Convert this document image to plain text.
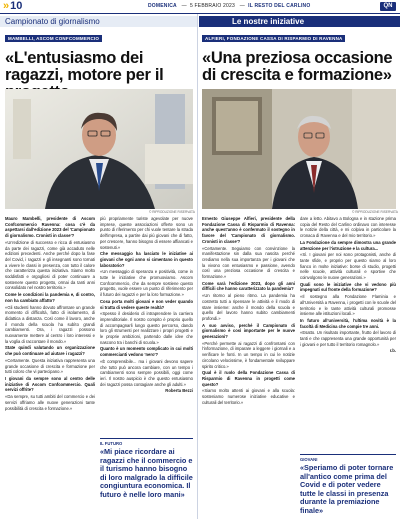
»10	DOMENICA   —  5 FEBBRAIO 2023   —  IL RESTO DEL CARLINO	QN
Campionato di giornalismo	Le nostre iniziative
MAMBELLI, ASCOM CONFCOMMERCIO
«L'entusiasmo dei ragazzi, motore per il
© RIPRODUZIONE RISERVATA

Mauro Mambelli, presidente di Ascom Confcommercio Ravenna: cosa c'è da aspettarsi dall'edizione 2023 del 'Campionato di giornalismo. Cronisti in classe'?

«Un'edizione di successo e ricca di entusiasmo da parte dei ragazzi, come già accaduto nelle edizioni precedenti. Anche perché dopo la fase del Covid, i ragazzi e gli insegnanti sono tornati a vivere le classi in presenza, con tutto il calore che caratterizza questa iniziativa. Siamo molto soddisfatti e orgogliosi di poter continuare a sostenere questo progetto, ormai da tanti anni consolidato nel nostro territorio.»

Come le condizioni la pandemia e, di contro, non ha cambiato affatto?

«Gli studenti hanno dovuto affrontare un grande momento di difficoltà, fatto di isolamento, di didattica a distanza. Così come il lavoro, anche il mondo della scuola ha subìto grandi cambiamenti. Ora, i ragazzi possono nuovamente mettere al centro i loro interessi e la voglia di raccontare il mondo.»

State quindi valutando un organizzazione che può continuare ad aiutare i ragazzi?

«Certamente. Questa iniziativa rappresenta una grande occasione di crescita e formazione per tutti coloro che vi partecipano.»

I giovani da sempre sono al centro delle iniziative di Ascom Confcommercio. Quali servizi offrite?

«Da sempre, su tutti ambiti del commercio e dei servizi offriamo alle nuove generazioni tante possibilità di crescita e formazione.»

più propriamente turiste agevolate per nuove imprese, queste associazioni offerte sono un punto di riferimento per chi vuole tentare la strada dell'impresa, a partire dai più giovani che di fatto, per crescere, hanno bisogno di essere affiancati e sostenuti.»

Che messaggio ha lasciato le iniziative ai giovani che ogni anno si cimentano in questo laboratorio?

«Un messaggio di speranza e positività, come in tutte le iniziative che promuoviamo. Ascom Confcommercio, che da sempre sostiene questo progetto, vuole essere un punto di riferimento per il futuro dei ragazzi e per la loro formazione.»

Cosa porta molti giovani e non veder quando si tratta di vedere queste realtà?

«Spesso il desiderio di intraprendere la carriera imprenditoriale. Il nostro compito è proprio quello di accompagnarli lungo questo percorso, dando loro gli strumenti per realizzare i propri progetti e le proprie ambizioni, partendo dalle idee che nascono tra i banchi di scuola.»

Quanto è un momento complicato in cui molti commercianti vedono 'nero'?

«È comprensibile... ma i giovani devono sapere che tutto può ancora cambiare, con un tempo i cambiamenti sono sempre possibili, oggi come ieri. Il nostro auspicio è che questo entusiasmo dei ragazzi possa contagiare anche gli adulti.»

Roberta Bezzi

IL FUTURO
«Mi piace ricordare ai ragazzi che il commercio e il turismo hanno bisogno di loro malgrado la difficile congiuntura economica. Il futuro è nelle loro mani»
ALFIERI, FONDAZIONE CASSA DI RISPARMIO DI RAVENNA
«Una preziosa occasione di crescita e formazione»
© RIPRODUZIONE RISERVATA

Ernesto Giuseppe Alfieri, presidente della Fondazione Cassa di Risparmio di Ravenna: anche quest'anno è confermato il sostegno in favore del 'Campionato di giornalismo. Cronisti in classe'?

«Certamente. Seguiamo con convinzione la manifestazione sin dalla sua nascita perché crediamo nella sua importanza per i giovani che la vivono con entusiasmo e passione, avendo così una preziosa occasione di crescita e formazione.»

Come sarà l'edizione 2023, dopo gli anni difficili che hanno caratterizzato la pandemia?

«Un ritorno al pieno ritmo. La pandemia ha costretto tutti a ripensare le attività e il modo di stare insieme: anche il mondo della scuola e quello del lavoro hanno subito cambiamenti profondi.»

A suo avviso, perché il Campionato di giornalismo è così importante per le nuove generazioni?

«Perché permette ai ragazzi di confrontarsi con l'informazione, di imparare a leggere i giornali e a verificare le fonti. In un tempo in cui le notizie circolano velocissime, è fondamentale sviluppare spirito critico.»

Qual è il ruolo della Fondazione Cassa di Risparmio di Ravenna in progetti come questo?

«Siamo molto attenti ai giovani e alla scuola: sosteniamo numerose iniziative educative e culturali del territorio.»

dare a letto. Abitavo a Bologna e in stazione prima copia del Resto del Carlino ordinavo con interesse le notizie della città, e mi colpiva in particolare la cronaca di Ravenna e del mio territorio.»

La Fondazione da sempre dimostra una grande attenzione per l'istruzione e la cultura...

«Sì. I giovani per noi sono protagonisti, anche di tante sfide, e proprio per questo siamo al loro fianco in molte iniziative: borse di studio, progetti nelle scuole, attività culturali e sportive che coinvolgono le nuove generazioni.»

Quali sono le iniziative che vi vedono più impegnati sul fronte della formazione?

«Il sostegno alla Fondazione Flaminia e all'Università a Ravenna, i progetti con le scuole del territorio e le tante attività culturali promosse insieme alle istituzioni locali.»

In futuro all'università, l'ultima novità è la facoltà di Medicina che compie tre anni.

«Esatto. Un risultato importante, frutto del lavoro di tanti e che rappresenta una grande opportunità per i giovani e per tutto il territorio romagnolo.»

r.b.

GIOVANI
«Speriamo di poter tornare all'antico come prima del Covid e di poter vedere tutte le classi in presenza durante la premiazione finale»
